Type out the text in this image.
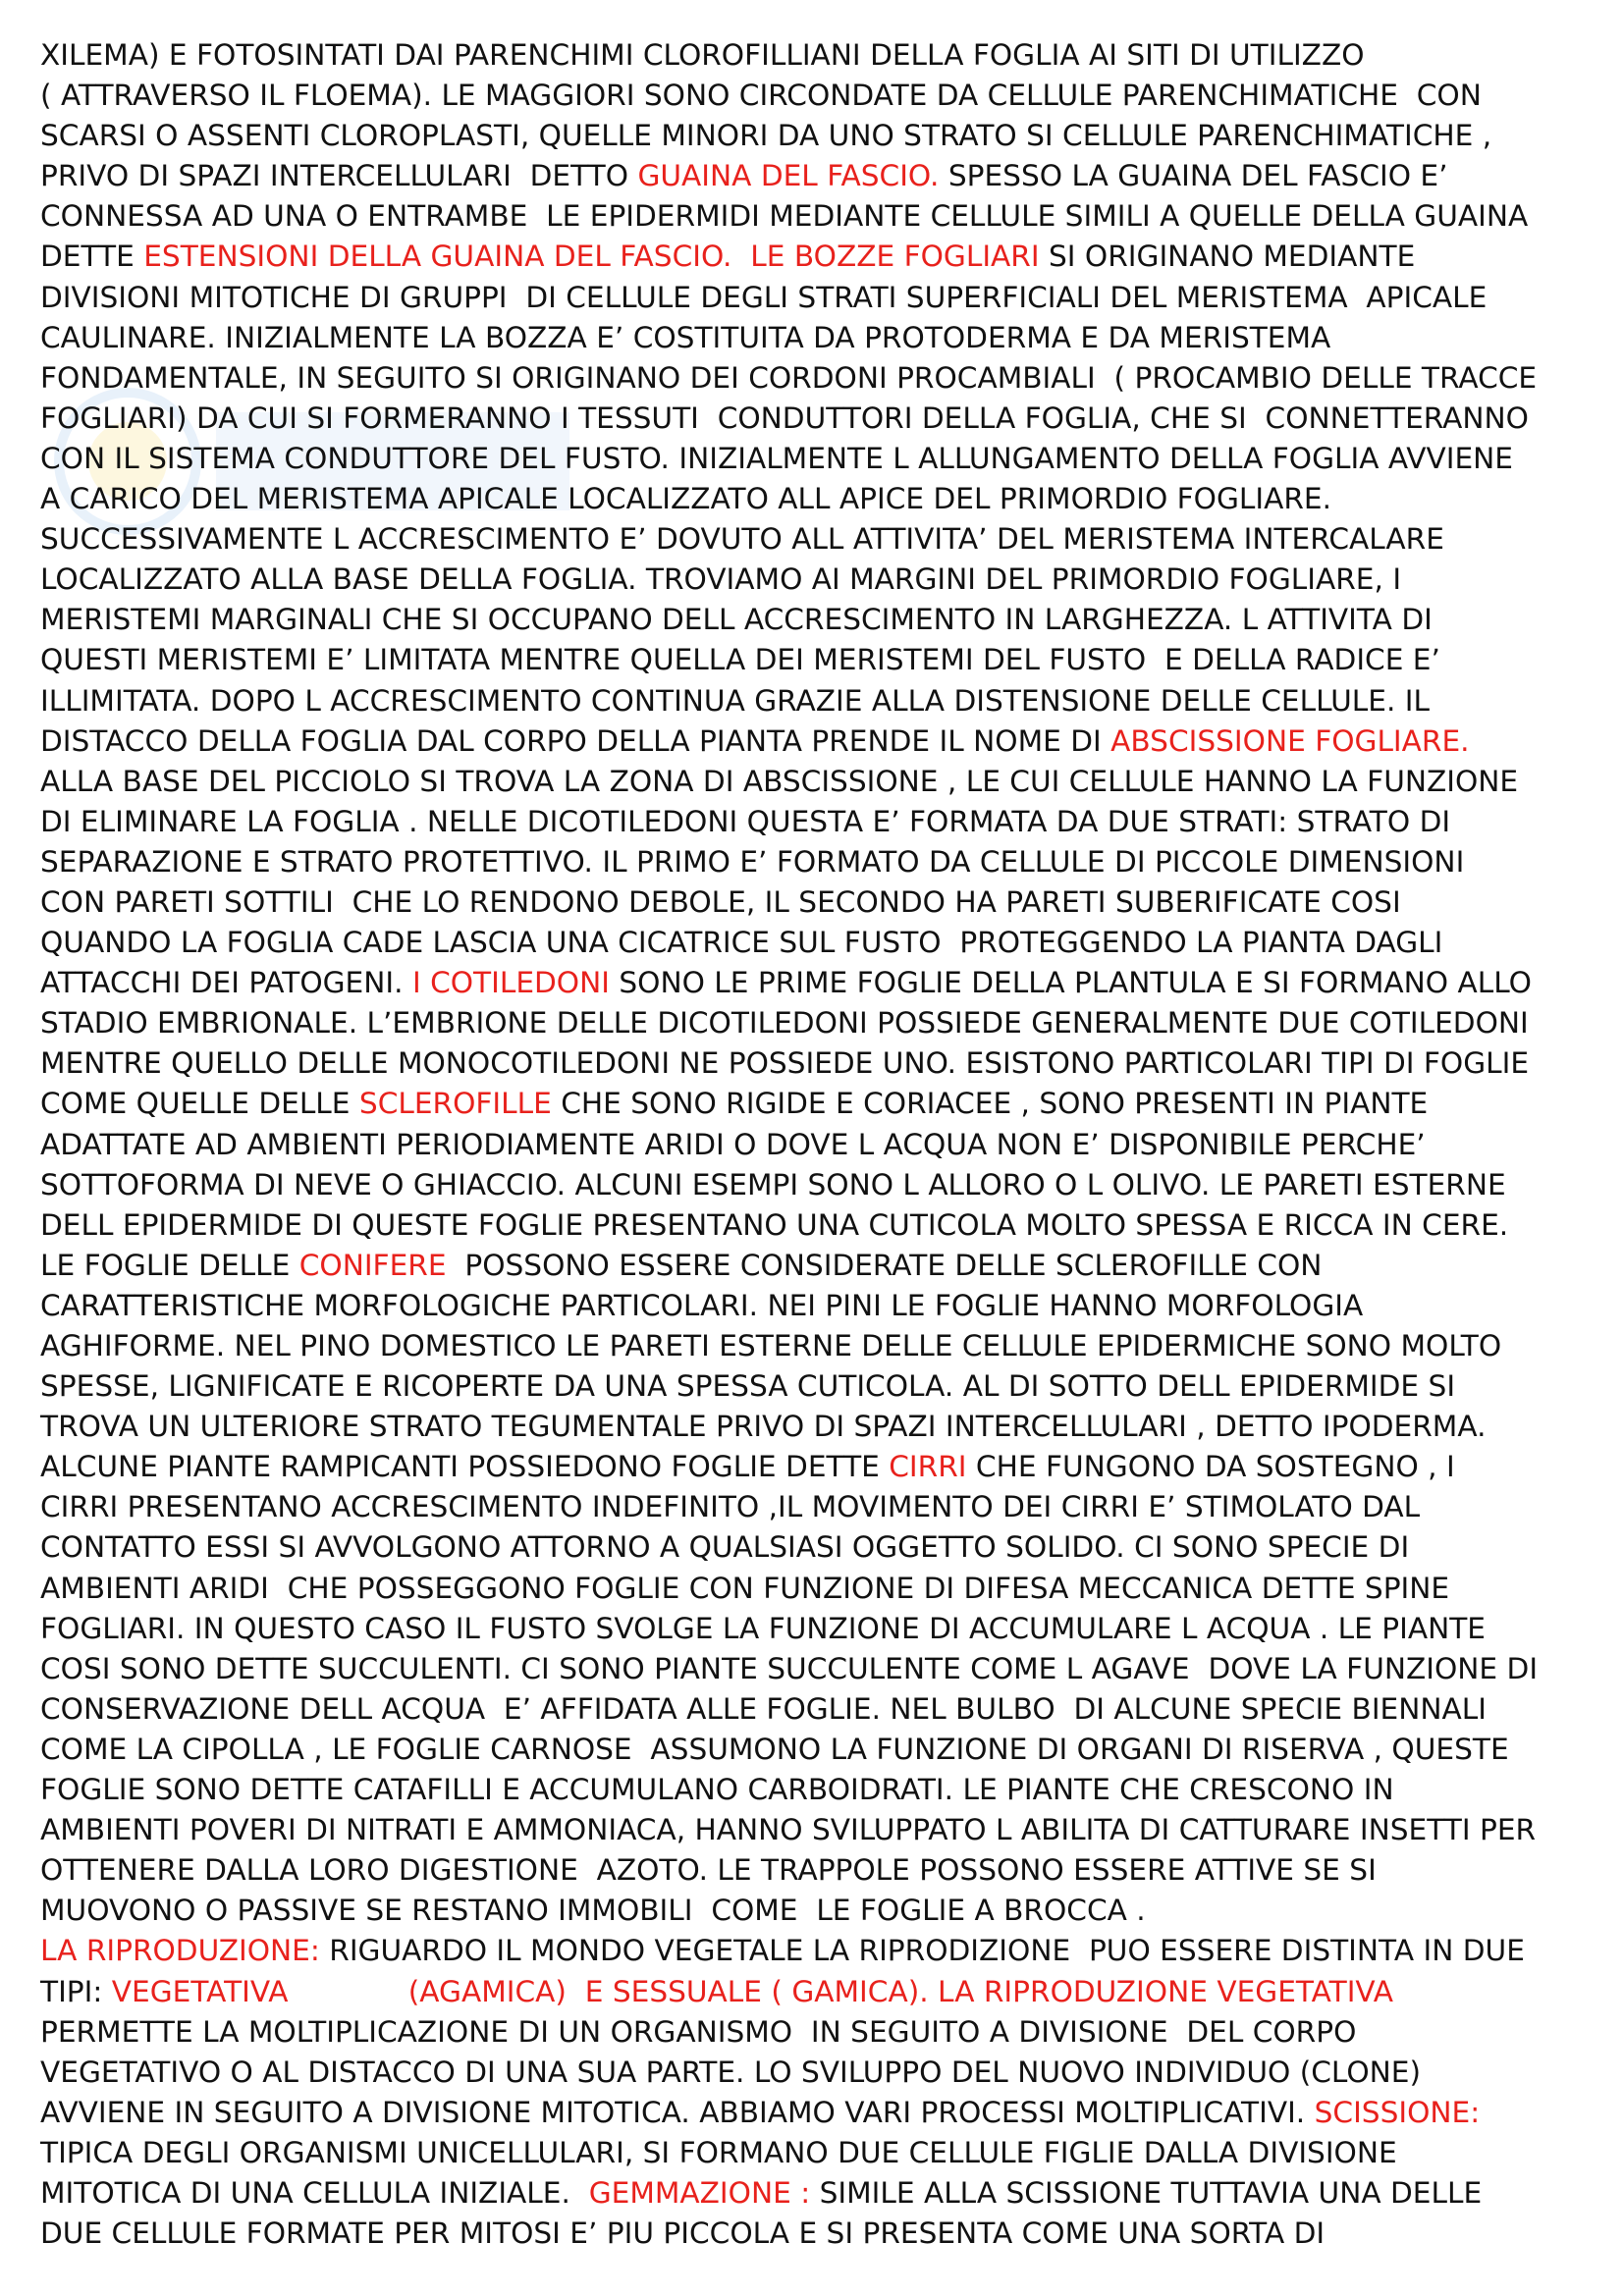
XILEMA) E FOTOSINTATI DAI PARENCHIMI CLOROFILLIANI DELLA FOGLIA AI SITI DI UTILIZZO
( ATTRAVERSO IL FLOEMA). LE MAGGIORI SONO CIRCONDATE DA CELLULE PARENCHIMATICHE  CON
SCARSI O ASSENTI CLOROPLASTI, QUELLE MINORI DA UNO STRATO SI CELLULE PARENCHIMATICHE ,
PRIVO DI SPAZI INTERCELLULARI  DETTO GUAINA DEL FASCIO. SPESSO LA GUAINA DEL FASCIO E’
CONNESSA AD UNA O ENTRAMBE  LE EPIDERMIDI MEDIANTE CELLULE SIMILI A QUELLE DELLA GUAINA
DETTE ESTENSIONI DELLA GUAINA DEL FASCIO.  LE BOZZE FOGLIARI SI ORIGINANO MEDIANTE
DIVISIONI MITOTICHE DI GRUPPI  DI CELLULE DEGLI STRATI SUPERFICIALI DEL MERISTEMA  APICALE
CAULINARE. INIZIALMENTE LA BOZZA E’ COSTITUITA DA PROTODERMA E DA MERISTEMA
FONDAMENTALE, IN SEGUITO SI ORIGINANO DEI CORDONI PROCAMBIALI  ( PROCAMBIO DELLE TRACCE
FOGLIARI) DA CUI SI FORMERANNO I TESSUTI  CONDUTTORI DELLA FOGLIA, CHE SI  CONNETTERANNO
CON IL SISTEMA CONDUTTORE DEL FUSTO. INIZIALMENTE L ALLUNGAMENTO DELLA FOGLIA AVVIENE
A CARICO DEL MERISTEMA APICALE LOCALIZZATO ALL APICE DEL PRIMORDIO FOGLIARE.
SUCCESSIVAMENTE L ACCRESCIMENTO E’ DOVUTO ALL ATTIVITA’ DEL MERISTEMA INTERCALARE
LOCALIZZATO ALLA BASE DELLA FOGLIA. TROVIAMO AI MARGINI DEL PRIMORDIO FOGLIARE, I
MERISTEMI MARGINALI CHE SI OCCUPANO DELL ACCRESCIMENTO IN LARGHEZZA. L ATTIVITA DI
QUESTI MERISTEMI E’ LIMITATA MENTRE QUELLA DEI MERISTEMI DEL FUSTO  E DELLA RADICE E’
ILLIMITATA. DOPO L ACCRESCIMENTO CONTINUA GRAZIE ALLA DISTENSIONE DELLE CELLULE. IL
DISTACCO DELLA FOGLIA DAL CORPO DELLA PIANTA PRENDE IL NOME DI ABSCISSIONE FOGLIARE.
ALLA BASE DEL PICCIOLO SI TROVA LA ZONA DI ABSCISSIONE , LE CUI CELLULE HANNO LA FUNZIONE
DI ELIMINARE LA FOGLIA . NELLE DICOTILEDONI QUESTA E’ FORMATA DA DUE STRATI: STRATO DI
SEPARAZIONE E STRATO PROTETTIVO. IL PRIMO E’ FORMATO DA CELLULE DI PICCOLE DIMENSIONI
CON PARETI SOTTILI  CHE LO RENDONO DEBOLE, IL SECONDO HA PARETI SUBERIFICATE COSI
QUANDO LA FOGLIA CADE LASCIA UNA CICATRICE SUL FUSTO  PROTEGGENDO LA PIANTA DAGLI
ATTACCHI DEI PATOGENI. I COTILEDONI SONO LE PRIME FOGLIE DELLA PLANTULA E SI FORMANO ALLO
STADIO EMBRIONALE. L’EMBRIONE DELLE DICOTILEDONI POSSIEDE GENERALMENTE DUE COTILEDONI
MENTRE QUELLO DELLE MONOCOTILEDONI NE POSSIEDE UNO. ESISTONO PARTICOLARI TIPI DI FOGLIE
COME QUELLE DELLE SCLEROFILLE CHE SONO RIGIDE E CORIACEE , SONO PRESENTI IN PIANTE
ADATTATE AD AMBIENTI PERIODIAMENTE ARIDI O DOVE L ACQUA NON E’ DISPONIBILE PERCHE’
SOTTOFORMA DI NEVE O GHIACCIO. ALCUNI ESEMPI SONO L ALLORO O L OLIVO. LE PARETI ESTERNE
DELL EPIDERMIDE DI QUESTE FOGLIE PRESENTANO UNA CUTICOLA MOLTO SPESSA E RICCA IN CERE.
LE FOGLIE DELLE CONIFERE  POSSONO ESSERE CONSIDERATE DELLE SCLEROFILLE CON
CARATTERISTICHE MORFOLOGICHE PARTICOLARI. NEI PINI LE FOGLIE HANNO MORFOLOGIA
AGHIFORME. NEL PINO DOMESTICO LE PARETI ESTERNE DELLE CELLULE EPIDERMICHE SONO MOLTO
SPESSE, LIGNIFICATE E RICOPERTE DA UNA SPESSA CUTICOLA. AL DI SOTTO DELL EPIDERMIDE SI
TROVA UN ULTERIORE STRATO TEGUMENTALE PRIVO DI SPAZI INTERCELLULARI , DETTO IPODERMA.
ALCUNE PIANTE RAMPICANTI POSSIEDONO FOGLIE DETTE CIRRI CHE FUNGONO DA SOSTEGNO , I
CIRRI PRESENTANO ACCRESCIMENTO INDEFINITO ,IL MOVIMENTO DEI CIRRI E’ STIMOLATO DAL
CONTATTO ESSI SI AVVOLGONO ATTORNO A QUALSIASI OGGETTO SOLIDO. CI SONO SPECIE DI
AMBIENTI ARIDI  CHE POSSEGGONO FOGLIE CON FUNZIONE DI DIFESA MECCANICA DETTE SPINE
FOGLIARI. IN QUESTO CASO IL FUSTO SVOLGE LA FUNZIONE DI ACCUMULARE L ACQUA . LE PIANTE
COSI SONO DETTE SUCCULENTI. CI SONO PIANTE SUCCULENTE COME L AGAVE  DOVE LA FUNZIONE DI
CONSERVAZIONE DELL ACQUA  E’ AFFIDATA ALLE FOGLIE. NEL BULBO  DI ALCUNE SPECIE BIENNALI
COME LA CIPOLLA , LE FOGLIE CARNOSE  ASSUMONO LA FUNZIONE DI ORGANI DI RISERVA , QUESTE
FOGLIE SONO DETTE CATAFILLI E ACCUMULANO CARBOIDRATI. LE PIANTE CHE CRESCONO IN
AMBIENTI POVERI DI NITRATI E AMMONIACA, HANNO SVILUPPATO L ABILITA DI CATTURARE INSETTI PER
OTTENERE DALLA LORO DIGESTIONE  AZOTO. LE TRAPPOLE POSSONO ESSERE ATTIVE SE SI
MUOVONO O PASSIVE SE RESTANO IMMOBILI  COME  LE FOGLIE A BROCCA .
LA RIPRODUZIONE: RIGUARDO IL MONDO VEGETALE LA RIPRODIZIONE  PUO ESSERE DISTINTA IN DUE
TIPI: VEGETATIVA             (AGAMICA)  E SESSUALE ( GAMICA). LA RIPRODUZIONE VEGETATIVA
PERMETTE LA MOLTIPLICAZIONE DI UN ORGANISMO  IN SEGUITO A DIVISIONE  DEL CORPO
VEGETATIVO O AL DISTACCO DI UNA SUA PARTE. LO SVILUPPO DEL NUOVO INDIVIDUO (CLONE)
AVVIENE IN SEGUITO A DIVISIONE MITOTICA. ABBIAMO VARI PROCESSI MOLTIPLICATIVI. SCISSIONE:
TIPICA DEGLI ORGANISMI UNICELLULARI, SI FORMANO DUE CELLULE FIGLIE DALLA DIVISIONE
MITOTICA DI UNA CELLULA INIZIALE.  GEMMAZIONE : SIMILE ALLA SCISSIONE TUTTAVIA UNA DELLE
DUE CELLULE FORMATE PER MITOSI E’ PIU PICCOLA E SI PRESENTA COME UNA SORTA DI
